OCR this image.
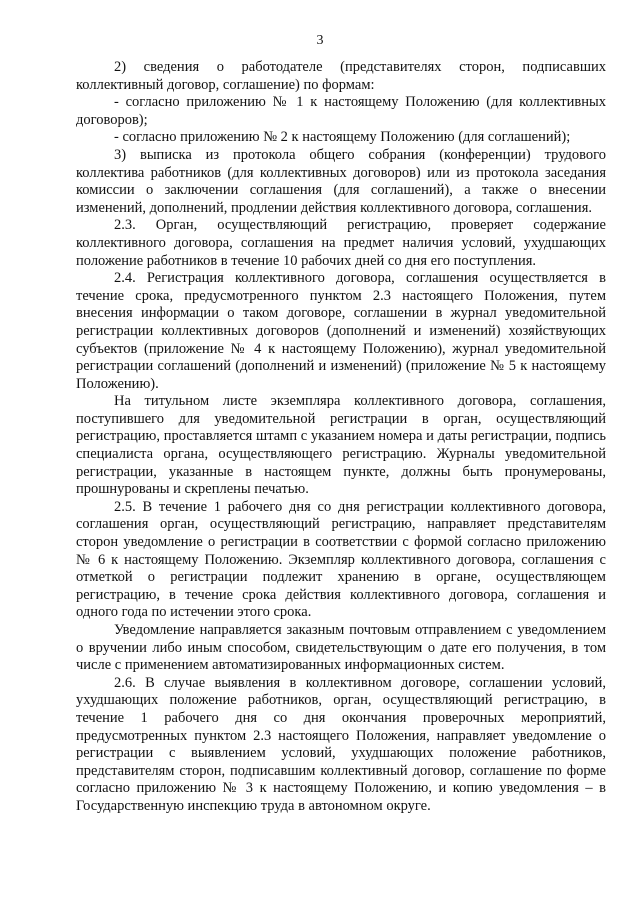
3

2) сведения о работодателе (представителях сторон, подписавших коллективный договор, соглашение) по формам:

- согласно приложению № 1 к настоящему Положению (для коллективных договоров);

- согласно приложению № 2 к настоящему Положению (для соглашений);

3) выписка из протокола общего собрания (конференции) трудового коллектива работников (для коллективных договоров) или из протокола заседания комиссии о заключении соглашения (для соглашений), а также о внесении изменений, дополнений, продлении действия коллективного договора, соглашения.

2.3. Орган, осуществляющий регистрацию, проверяет содержание коллективного договора, соглашения на предмет наличия условий, ухудшающих положение работников в течение 10 рабочих дней со дня его поступления.

2.4. Регистрация коллективного договора, соглашения осуществляется в течение срока, предусмотренного пунктом 2.3 настоящего Положения, путем внесения информации о таком договоре, соглашении в журнал уведомительной регистрации коллективных договоров (дополнений и изменений) хозяйствующих субъектов (приложение № 4 к настоящему Положению), журнал уведомительной регистрации соглашений (дополнений и изменений) (приложение № 5 к настоящему Положению).

На титульном листе экземпляра коллективного договора, соглашения, поступившего для уведомительной регистрации в орган, осуществляющий регистрацию, проставляется штамп с указанием номера и даты регистрации, подпись специалиста органа, осуществляющего регистрацию. Журналы уведомительной регистрации, указанные в настоящем пункте, должны быть пронумерованы, прошнурованы и скреплены печатью.

2.5. В течение 1 рабочего дня со дня регистрации коллективного договора, соглашения орган, осуществляющий регистрацию, направляет представителям сторон уведомление о регистрации в соответствии с формой согласно приложению № 6 к настоящему Положению. Экземпляр коллективного договора, соглашения с отметкой о регистрации подлежит хранению в органе, осуществляющем регистрацию, в течение срока действия коллективного договора, соглашения и одного года по истечении этого срока.

Уведомление направляется заказным почтовым отправлением с уведомлением о вручении либо иным способом, свидетельствующим о дате его получения, в том числе с применением автоматизированных информационных систем.

2.6. В случае выявления в коллективном договоре, соглашении условий, ухудшающих положение работников, орган, осуществляющий регистрацию, в течение 1 рабочего дня со дня окончания проверочных мероприятий, предусмотренных пунктом 2.3 настоящего Положения, направляет уведомление о регистрации с выявлением условий, ухудшающих положение работников, представителям сторон, подписавшим коллективный договор, соглашение по форме согласно приложению № 3 к настоящему Положению, и копию уведомления – в Государственную инспекцию труда в автономном округе.
